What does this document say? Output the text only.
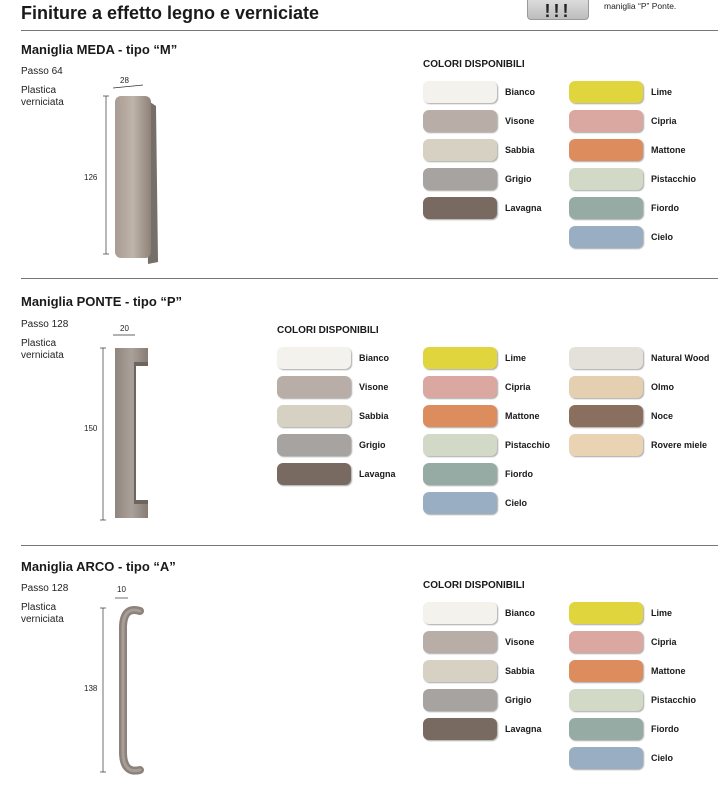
Finiture a effetto legno e verniciate	!!!	maniglia “P” Ponte.
Maniglia MEDA - tipo “M”
Passo 64
Plastica
verniciata
28
126
COLORI DISPONIBILI
Bianco
Visone
Sabbia
Grigio
Lavagna
Lime
Cipria
Mattone
Pistacchio
Fiordo
Cielo
Maniglia PONTE - tipo “P”
Passo 128
Plastica
verniciata
20
150
COLORI DISPONIBILI
Bianco
Visone
Sabbia
Grigio
Lavagna
Lime
Cipria
Mattone
Pistacchio
Fiordo
Cielo
Natural Wood
Olmo
Noce
Rovere miele
Maniglia ARCO - tipo “A”
Passo 128
Plastica
verniciata
10
138
COLORI DISPONIBILI
Bianco
Visone
Sabbia
Grigio
Lavagna
Lime
Cipria
Mattone
Pistacchio
Fiordo
Cielo
